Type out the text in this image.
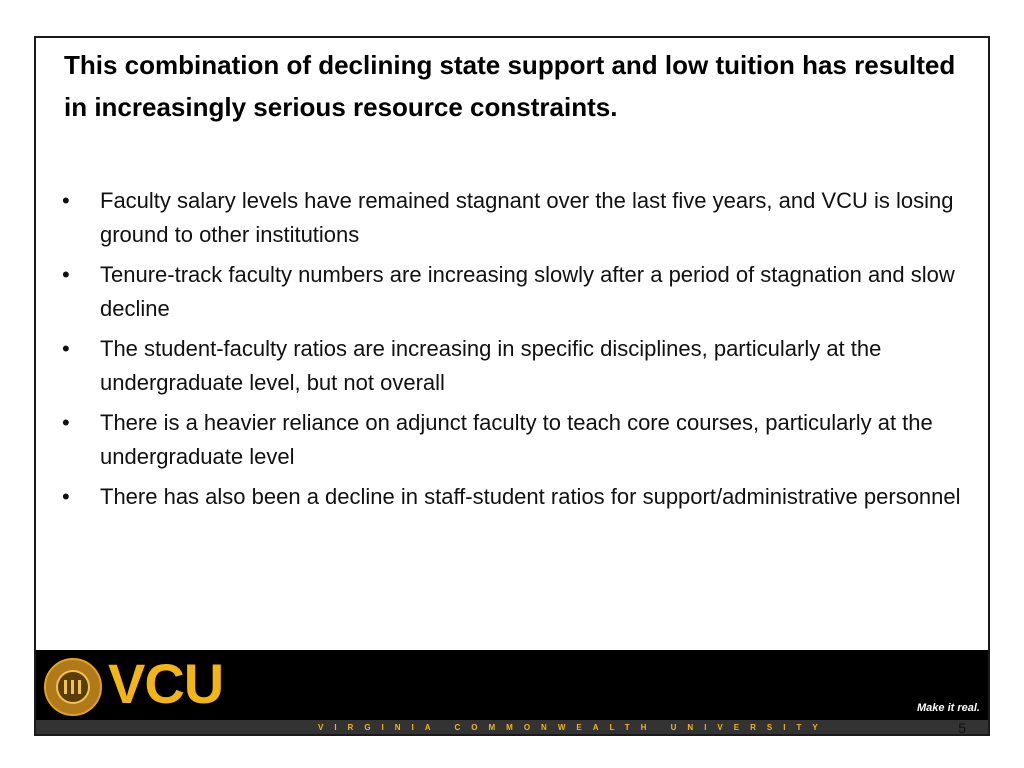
This combination of declining state support and low tuition has resulted in increasingly serious resource constraints.
•	Faculty salary levels have remained stagnant over the last five years, and VCU is losing ground to other institutions
•	Tenure-track faculty numbers are increasing slowly after a period of stagnation and slow decline
•	The student-faculty ratios are increasing in specific disciplines, particularly at the undergraduate level, but not overall
•	There is a heavier reliance on adjunct faculty to teach core courses, particularly at the undergraduate level
•	There has also been a decline in staff-student ratios for support/administrative personnel
VCU	Make it real.
VIRGINIA COMMONWEALTH UNIVERSITY	5
